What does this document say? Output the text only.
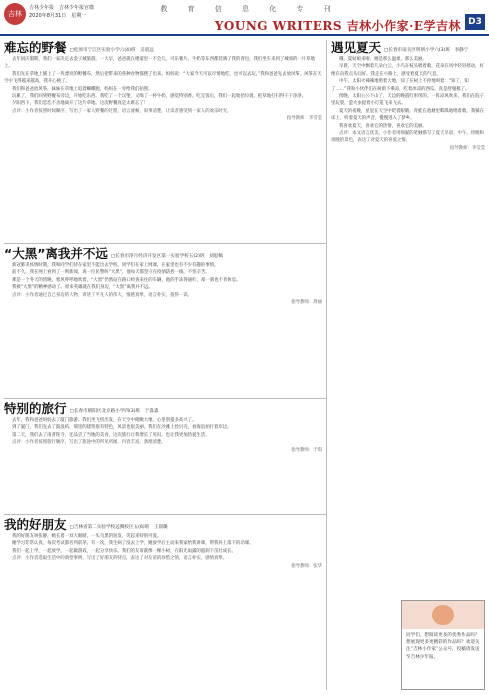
吉林
吉林少年报　 吉林少年报官微
2020年8月31日　 星期一
教 育 信 息 化 专 刊
YOUNG WRITERS 吉林小作家·E学吉林 D3
难忘的野餐 □松原市宁江区实验小学六(4)班　吴晨远

去年国庆假期，我们一家决定去金子城旅游。一大早，爸爸就在楼道里一不会儿，可乐薯片、牛奶等东西都装满了我的背包，我们坐车来到了城郊的一片草地上。

我们先在草地上铺上了一块漂亮的野餐布，然后把带来的各种食物都摆了出来。妈妈说：“大家今天可以尽情地吃，也可以去玩。”我和爸爸先去放风筝，风筝在天空中飞得越来越高，我开心极了。

我们和爸爸放风筝，妹妹在草地上追着蝴蝶跑，妈妈在一旁给我们拍照。

玩累了，我们回到野餐布旁边，开始吃东西。我吃了一个汉堡，又喝了一杯牛奶，感觉特别香。吃完饭后，我们一起收拾垃圾，把草地打扫得干干净净。

夕阳西下，我们恋恋不舍地离开了这片草地。这次野餐真是太难忘了！

点评：小作者按照时间顺序，写出了一家人野餐的过程，语言流畅，叙事清楚，让读者感受到一家人的欢乐时光。

指导教师：李雪莹

“大黑”离我并不远 □长春市净月经济开发区第一实验学校五(2)班　刘思佩

新冠肺炎疫情时期，我和同学们待在家里不能出去学校，同学们在家上网课，在家里也有不少有趣的事情。

前不久，我在网上看到了一则新闻，说一位民警叫“大黑”，他每天都坚守在疫情防控一线，不怕辛苦。

那是一个冬天的傍晚，寒风呼呼地吹着，“大黑”仍然站在路口检查来往的车辆，他的手冻得通红，却一刻也不肯休息。

我被“大黑”的精神感动了。原来英雄就在我们身边，“大黑”离我并不远。

点评：小作者通过自己身边的人物，讲述了平凡人的伟大，情感真挚，语言朴实，值得一读。

指导教师：周丽

遇见夏天 □长春市南关区明朗小学六(3)班　李静宁

哦，夏姑娘来啦，她是那么温柔，那么美丽。

早晨，天空中飘着几朵白云，小鸟在枝头唱着歌，花朵在风中轻轻摇动，好像在向我点头问好。我走在小路上，感受着夏天的气息。

中午，太阳火辣辣地照着大地，知了在树上不停地叫着：“知了，知了……”我和小伙伴们在树荫下乘凉，吃着冰凉的西瓜，真是舒服极了。

傍晚，太阳公公下山了，天边的晚霞红彤彤的。一阵凉风吹来，我们在院子里玩耍，萤火虫提着小灯笼飞来飞去。

夏天的夜晚，星星在天空中眨着眼睛，青蛙在池塘里呱呱地唱着歌。我躺在床上，听着夏天的声音，慢慢进入了梦乡。

我喜欢夏天，喜欢它的热情，喜欢它的美丽。

点评：本文语言优美，小作者用细腻的笔触描写了夏天早晨、中午、傍晚和夜晚的景色，表达了对夏天的喜爱之情。

指导教师：李莹莹

特别的旅行 □长春市朝阳区北京路小学四(3)班　于淼淼

去年，我和爸爸妈妈去了厦门旅游。我们坐飞机出发，在天空中俯瞰大地，心里别提多高兴了。

到了厦门，我们先去了鼓浪屿，那里的建筑很有特色，风景也很美丽。我们在沙滩上捡贝壳，看海浪拍打着岸边。

第二天，我们去了南普陀寺，还品尝了当地的美食。这次旅行让我增长了见识，也让我更加热爱生活。

点评：小作者按照旅行顺序，写出了旅途中的所见所闻，内容丰富，条理清楚。

指导教师：于琪

我的好朋友 □吉林省第二实验学校远腾校区五(6)班　王晨璐

我的好朋友叫张静，她长着一双大眼睛，一头乌黑的短发，笑起来特别可爱。

她学习非常认真，每次考试都名列前茅。有一次，我生病了没去上学，她放学后主动来我家给我讲课，帮我补上落下的功课。

我们一起上学，一起放学，一起做游戏，一起分享快乐。我们的友谊就像一棵小树，在阳光雨露的滋润下茁壮成长。

点评：小作者选取生活中的典型事例，写出了好朋友的特点，表达了对友谊的珍惜之情，语言朴实，感情真挚。

指导教师：张华

同学们，想阅读更多的优秀作品吗？想展现更多更精彩的作品吗？欢迎关注“吉林小作家”公众号，投稿请发送至吉林少年报。
